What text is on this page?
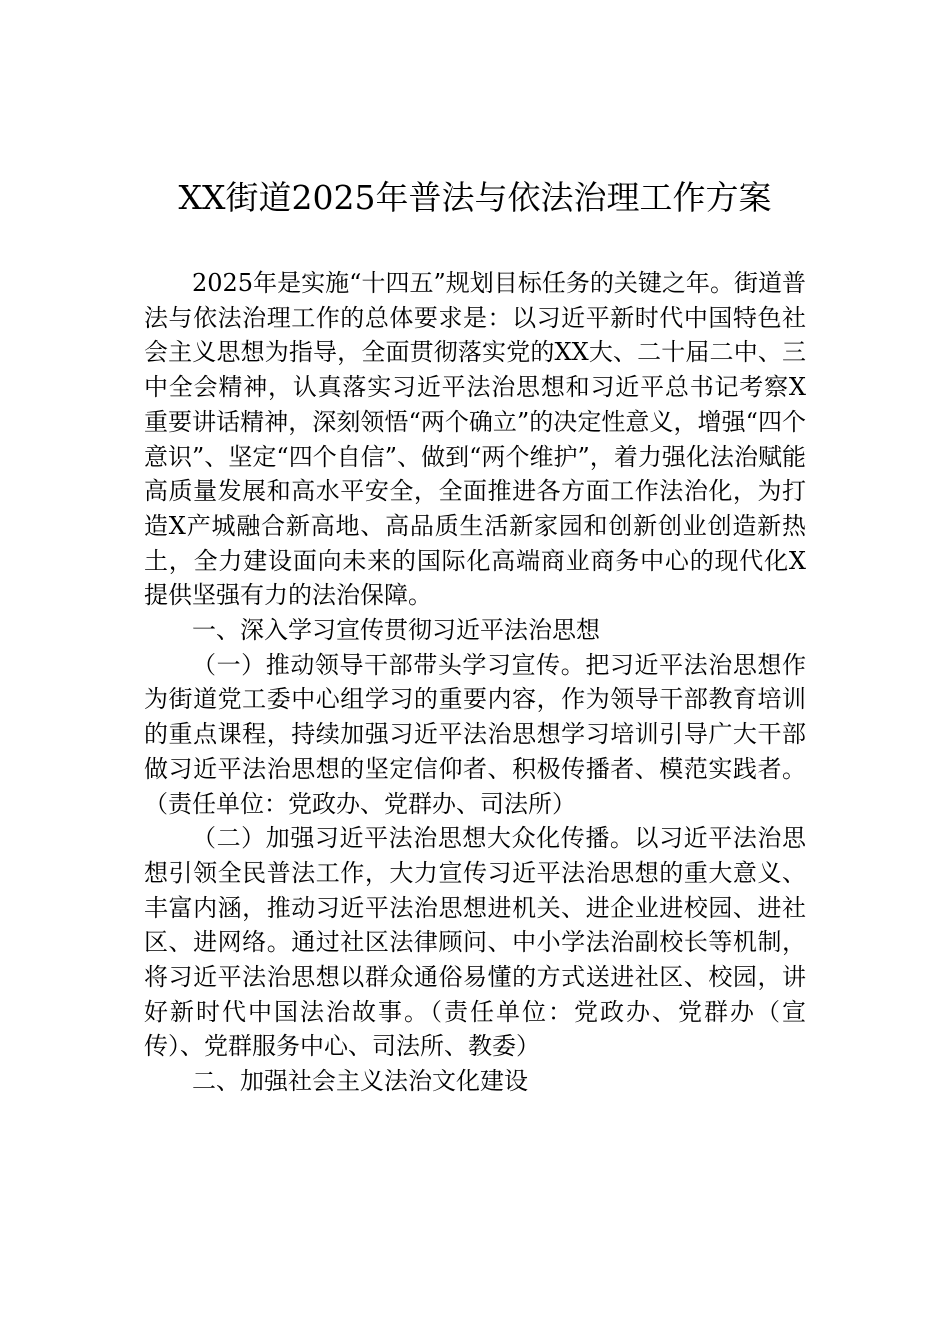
XX街道2025年普法与依法治理工作方案

2025年是实施“十四五”规划目标任务的关键之年。街道普法与依法治理工作的总体要求是：以习近平新时代中国特色社会主义思想为指导，全面贯彻落实党的XX大、二十届二中、三中全会精神，认真落实习近平法治思想和习近平总书记考察X重要讲话精神，深刻领悟“两个确立”的决定性意义，增强“四个意识”、坚定“四个自信”、做到“两个维护”，着力强化法治赋能高质量发展和高水平安全，全面推进各方面工作法治化，为打造X产城融合新高地、高品质生活新家园和创新创业创造新热土，全力建设面向未来的国际化高端商业商务中心的现代化X提供坚强有力的法治保障。

一、深入学习宣传贯彻习近平法治思想

（一）推动领导干部带头学习宣传。把习近平法治思想作为街道党工委中心组学习的重要内容，作为领导干部教育培训的重点课程，持续加强习近平法治思想学习培训引导广大干部做习近平法治思想的坚定信仰者、积极传播者、模范实践者。（责任单位：党政办、党群办、司法所）

（二）加强习近平法治思想大众化传播。以习近平法治思想引领全民普法工作，大力宣传习近平法治思想的重大意义、丰富内涵，推动习近平法治思想进机关、进企业进校园、进社区、进网络。通过社区法律顾问、中小学法治副校长等机制，将习近平法治思想以群众通俗易懂的方式送进社区、校园，讲好新时代中国法治故事。（责任单位：党政办、党群办（宣传）、党群服务中心、司法所、教委）

二、加强社会主义法治文化建设
